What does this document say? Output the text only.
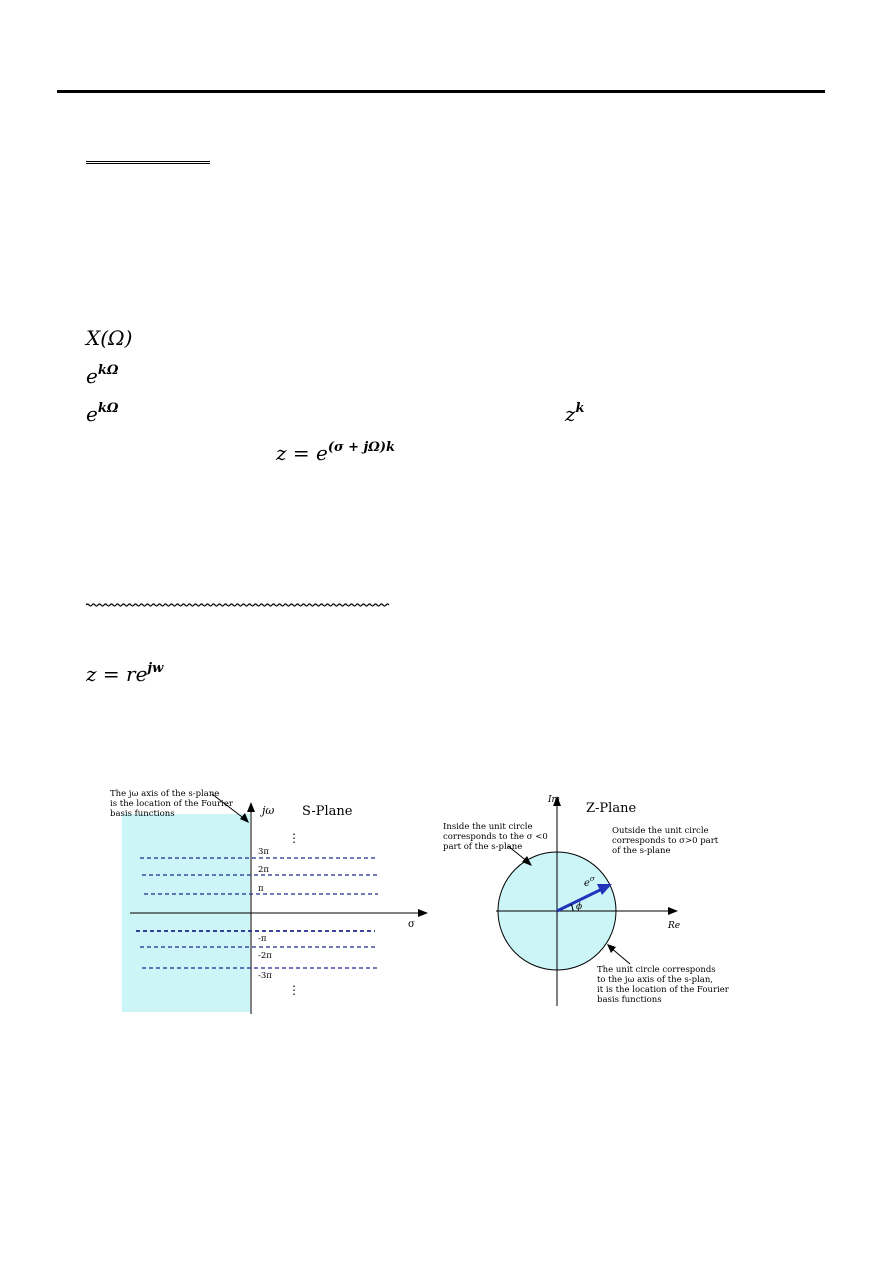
X(Ω)
$e^{k\Omega}$
$e^{k\Omega}$	$z^k$
$z = e^{(\sigma + j\Omega)k}$
$z = re^{jw}$
The jω axis of the s-plane
is the location of the Fourier
basis functions	jω S-Plane
σ
⋮
3π
2π
π
-π
-2π
-3π
⋮
Im
Z-Plane
Re
$e^\sigma$
ϕ
Inside the unit circle
corresponds to the σ <0
part of the s-plane
Outside the unit circle
corresponds to σ>0 part
of the s-plane
The unit circle corresponds
to the jω axis of the s-plan,
it is the location of the Fourier
basis functions
